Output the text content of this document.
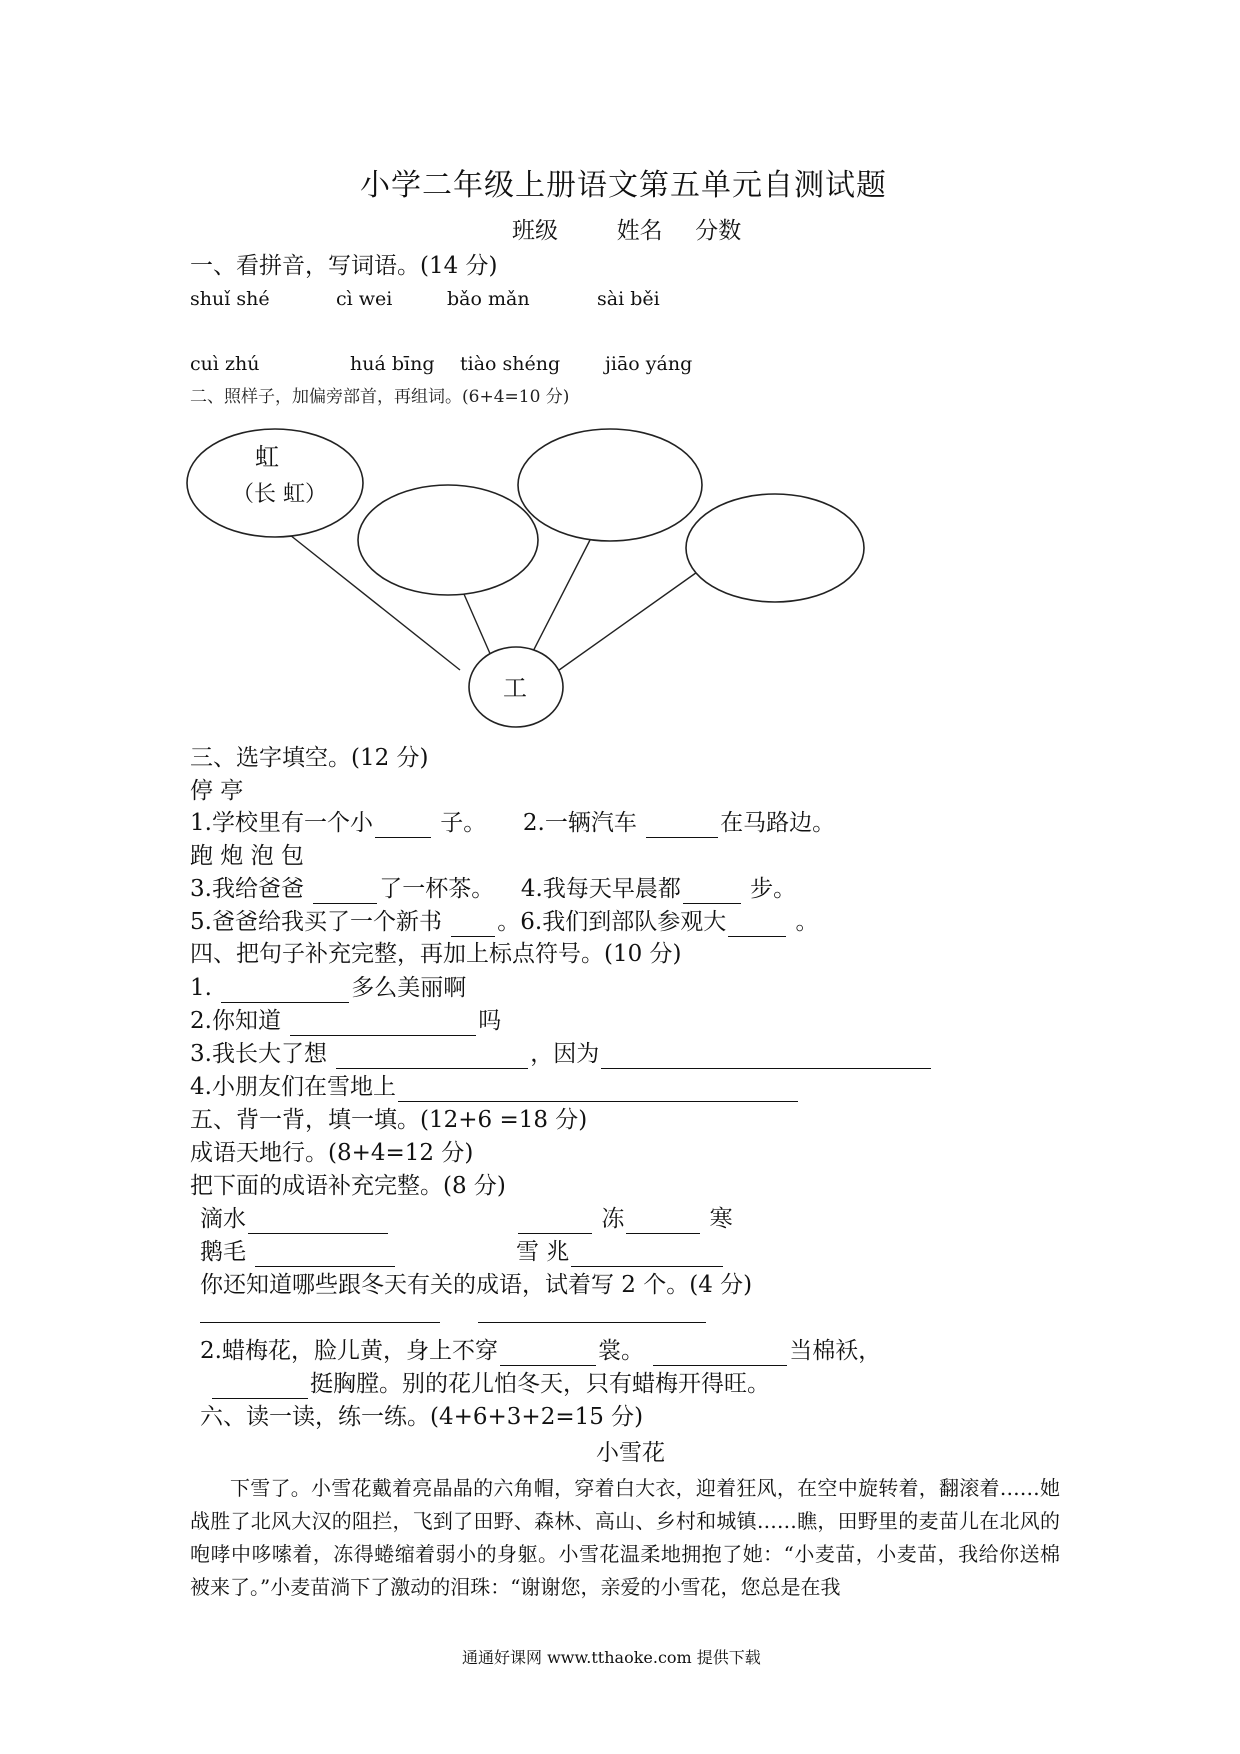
小学二年级上册语文第五单元自测试题
班级	姓名 分数
一、看拼音，写词语。(14 分)
shuǐ shé	cì wei	bǎo mǎn	sài běi
cuì zhú	huá bīng tiào shéng jiāo yáng
二、照样子，加偏旁部首，再组词。(6+4=10 分)
虹
（长 虹）
工
三、选字填空。(12 分)
停 亭
1.学校里有一个小	子。 2.一辆汽车	在马路边。
跑 炮 泡 包
3.我给爸爸	了一杯茶。 4.我每天早晨都	步。
5.爸爸给我买了一个新书 。6.我们到部队参观大	。
四、把句子补充完整，再加上标点符号。(10 分)
1.	多么美丽啊
2.你知道	吗
3.我长大了想	，因为
4.小朋友们在雪地上
五、背一背，填一填。(12+6 =18 分)
成语天地行。(8+4=12 分)
把下面的成语补充完整。(8 分)
滴水	冻	寒
鹅毛	雪 兆
你还知道哪些跟冬天有关的成语，试着写 2 个。(4 分)
2.蜡梅花，脸儿黄，身上不穿	裳。	当棉袄，
挺胸膛。别的花儿怕冬天，只有蜡梅开得旺。
六、读一读，练一练。(4+6+3+2=15 分)
小雪花
下雪了。小雪花戴着亮晶晶的六角帽，穿着白大衣，迎着狂风，在空中旋转着，翻滚着……她战胜了北风大汉的阻拦，飞到了田野、森林、高山、乡村和城镇……瞧，田野里的麦苗儿在北风的咆哮中哆嗦着，冻得蜷缩着弱小的身躯。小雪花温柔地拥抱了她：“小麦苗，小麦苗，我给你送棉被来了。”小麦苗淌下了激动的泪珠：“谢谢您，亲爱的小雪花，您总是在我
通通好课网 www.tthaoke.com 提供下载
